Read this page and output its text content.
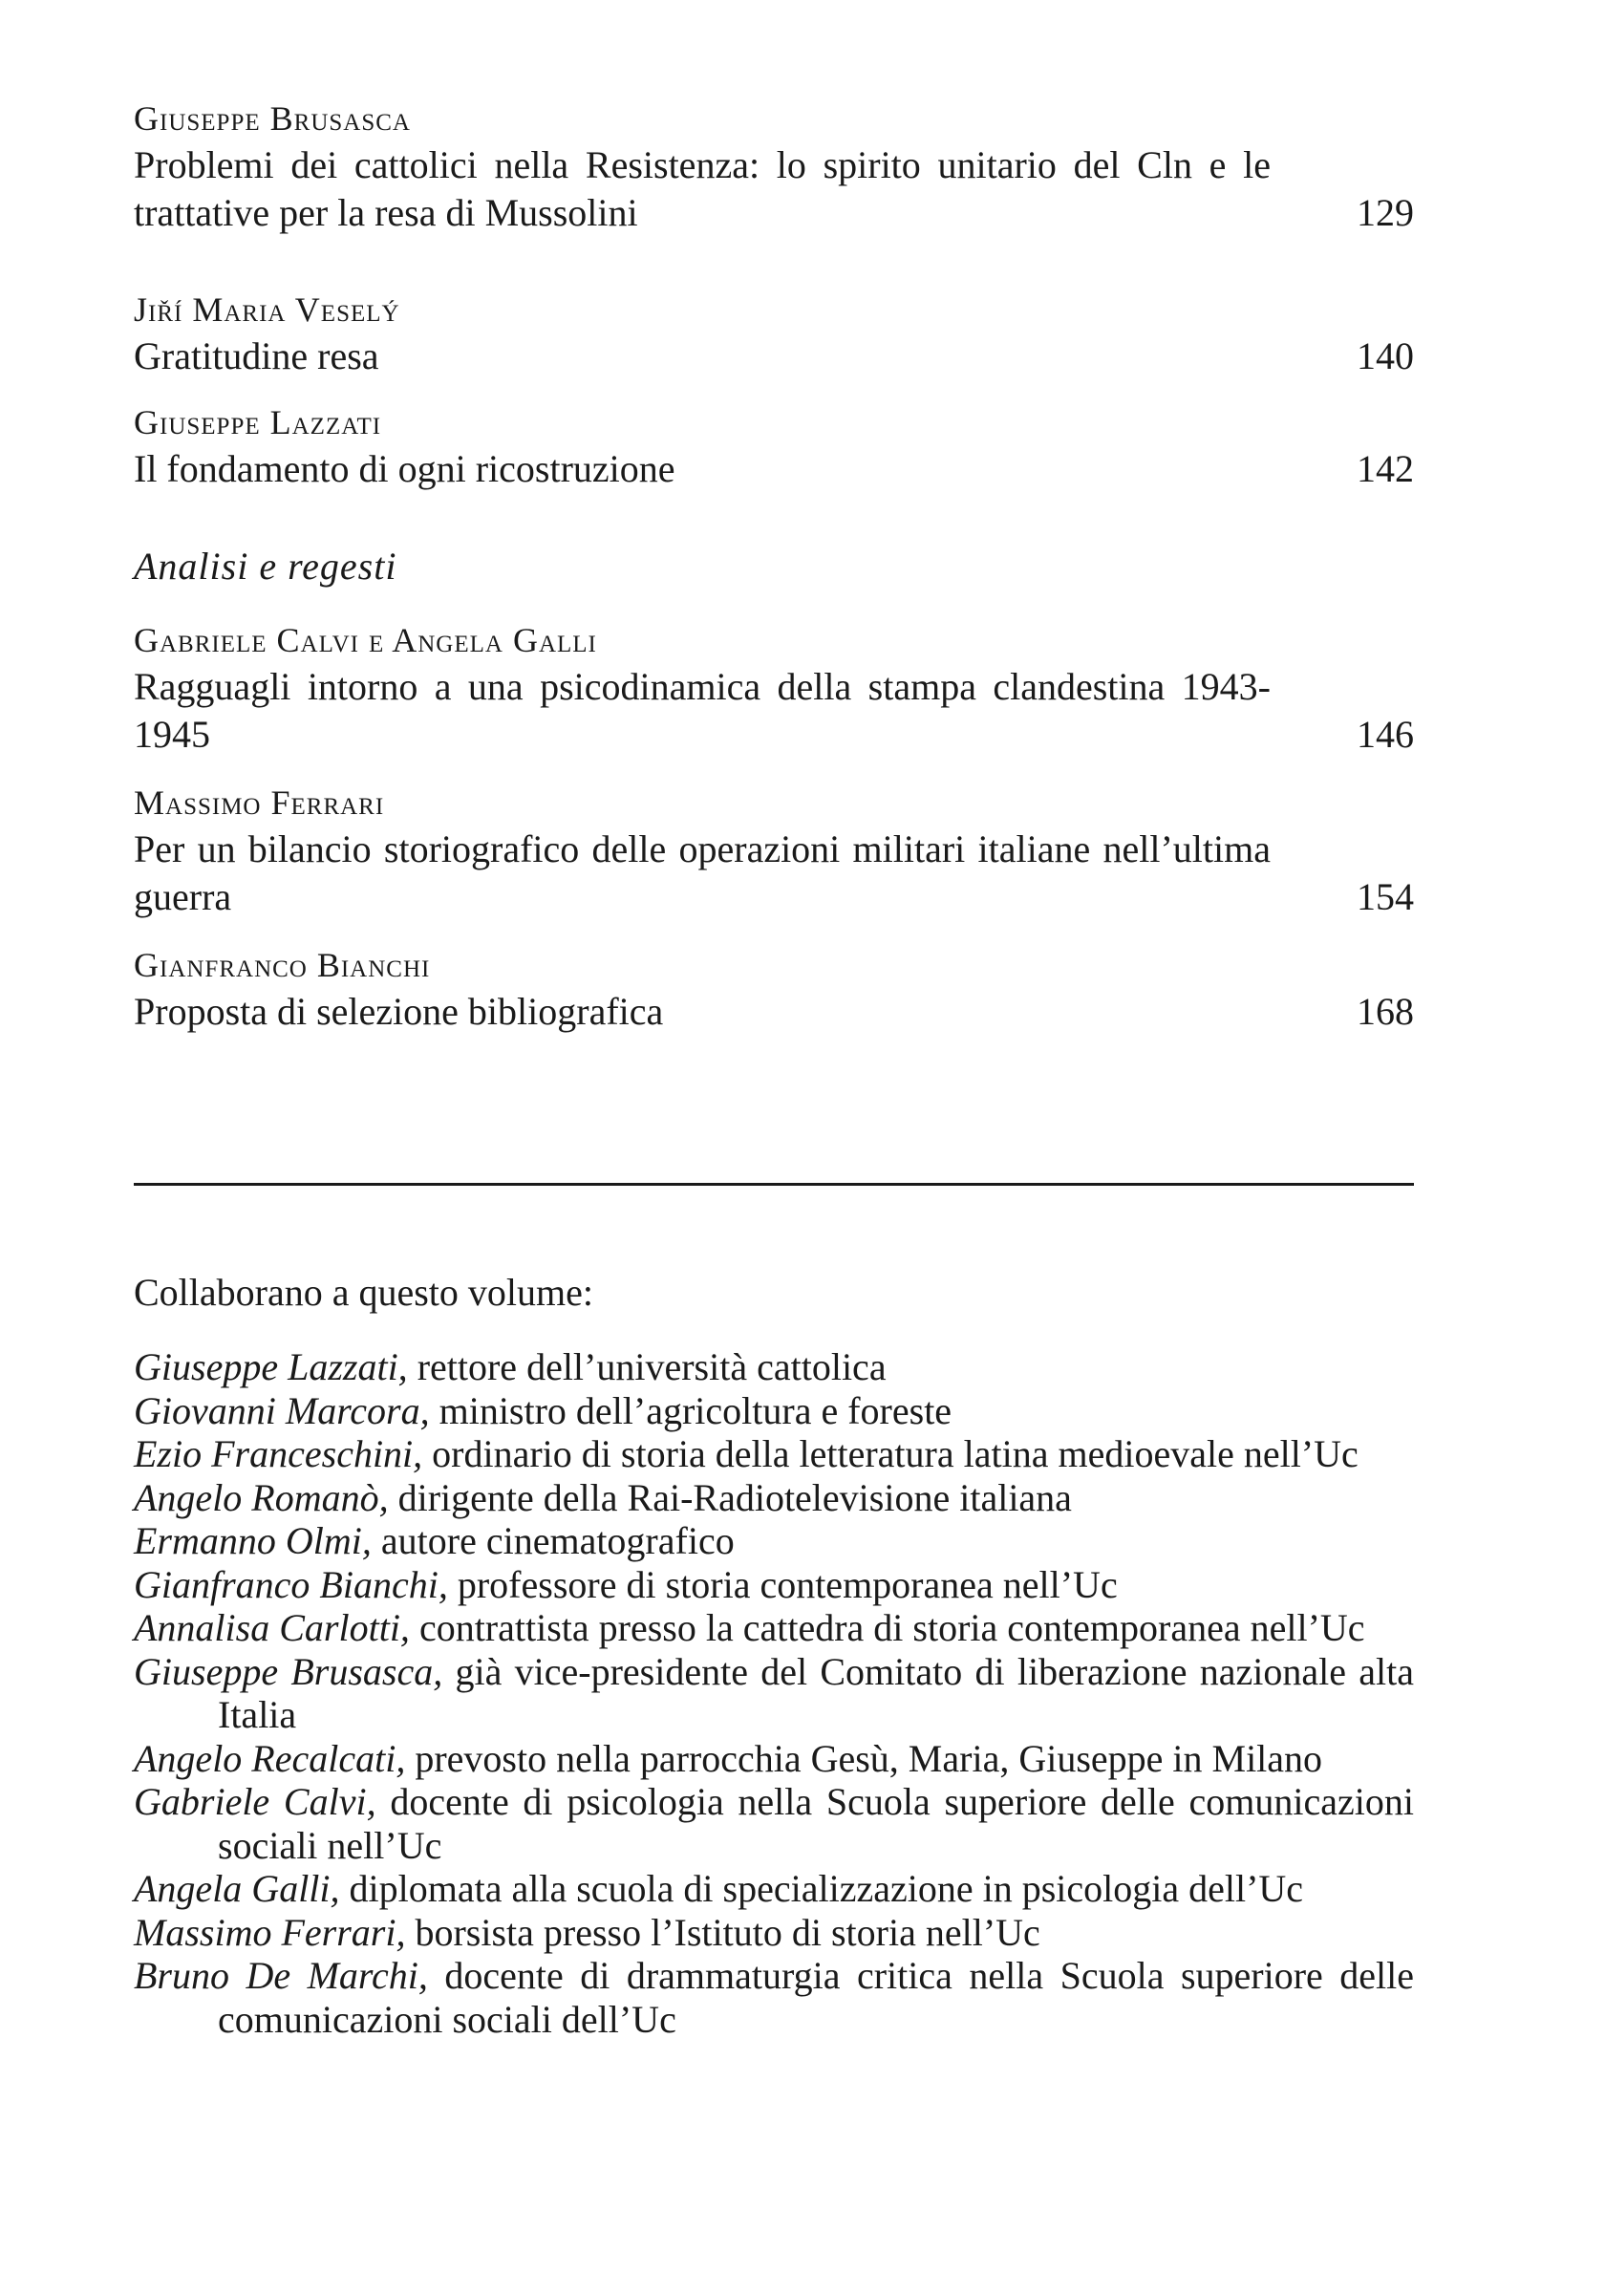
Giuseppe Brusasca
Problemi dei cattolici nella Resistenza: lo spirito unitario del Cln e le trattative per la resa di Mussolini	129
Jiří Maria Veselý
Gratitudine resa	140
Giuseppe Lazzati
Il fondamento di ogni ricostruzione	142
Analisi e regesti
Gabriele Calvi e Angela Galli
Ragguagli intorno a una psicodinamica della stampa clandestina 1943-1945	146
Massimo Ferrari
Per un bilancio storiografico delle operazioni militari italiane nell’ultima guerra	154
Gianfranco Bianchi
Proposta di selezione bibliografica	168
Collaborano a questo volume:
Giuseppe Lazzati, rettore dell’università cattolica
Giovanni Marcora, ministro dell’agricoltura e foreste
Ezio Franceschini, ordinario di storia della letteratura latina medioevale nell’Uc
Angelo Romanò, dirigente della Rai-Radiotelevisione italiana
Ermanno Olmi, autore cinematografico
Gianfranco Bianchi, professore di storia contemporanea nell’Uc
Annalisa Carlotti, contrattista presso la cattedra di storia contemporanea nell’Uc
Giuseppe Brusasca, già vice-presidente del Comitato di liberazione nazionale alta Italia
Angelo Recalcati, prevosto nella parrocchia Gesù, Maria, Giuseppe in Milano
Gabriele Calvi, docente di psicologia nella Scuola superiore delle comunicazioni sociali nell’Uc
Angela Galli, diplomata alla scuola di specializzazione in psicologia dell’Uc
Massimo Ferrari, borsista presso l’Istituto di storia nell’Uc
Bruno De Marchi, docente di drammaturgia critica nella Scuola superiore delle comunicazioni sociali dell’Uc
